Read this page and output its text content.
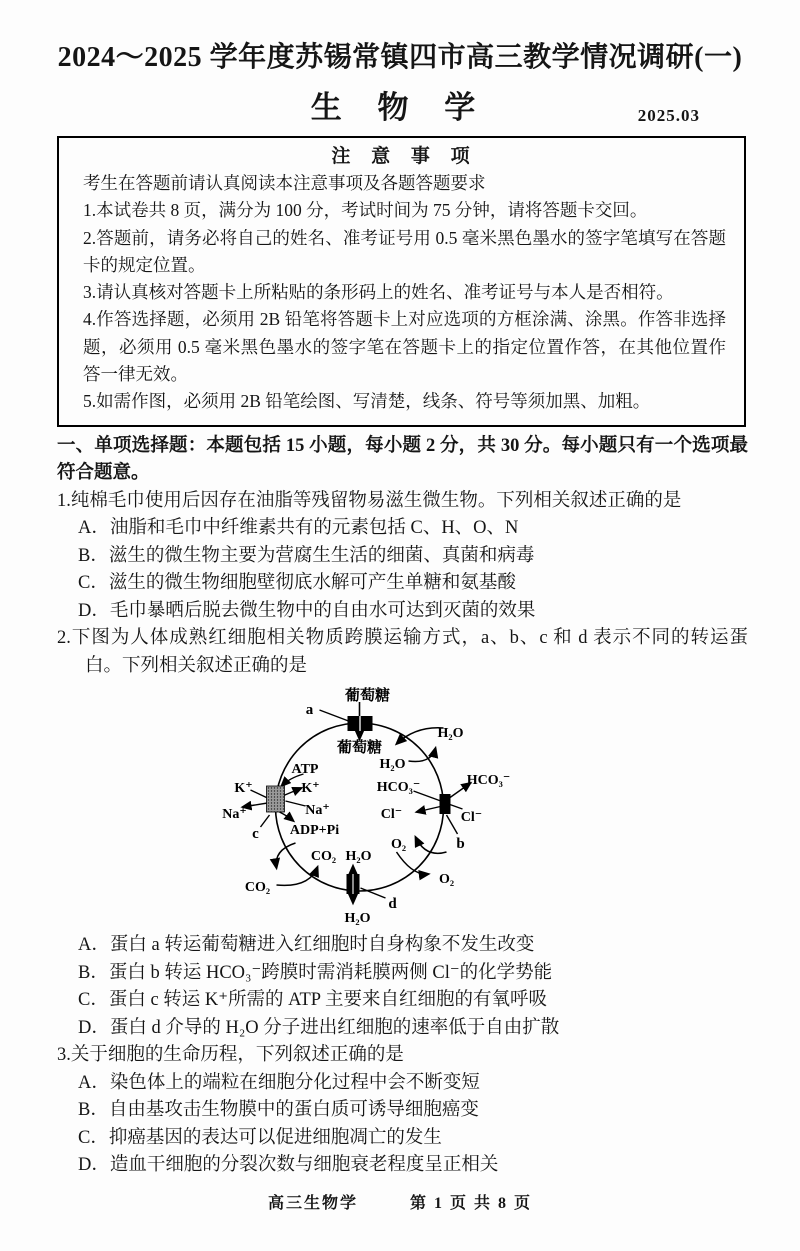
2024～2025 学年度苏锡常镇四市高三教学情况调研(一)
生 物 学	2025.03
注 意 事 项

考生在答题前请认真阅读本注意事项及各题答题要求

1.本试卷共 8 页，满分为 100 分，考试时间为 75 分钟，请将答题卡交回。

2.答题前，请务必将自己的姓名、准考证号用 0.5 毫米黑色墨水的签字笔填写在答题卡的规定位置。

3.请认真核对答题卡上所粘贴的条形码上的姓名、准考证号与本人是否相符。

4.作答选择题，必须用 2B 铅笔将答题卡上对应选项的方框涂满、涂黑。作答非选择题，必须用 0.5 毫米黑色墨水的签字笔在答题卡上的指定位置作答，在其他位置作答一律无效。

5.如需作图，必须用 2B 铅笔绘图、写清楚，线条、符号等须加黑、加粗。

一、单项选择题：本题包括 15 小题，每小题 2 分，共 30 分。每小题只有一个选项最符合题意。

1.纯棉毛巾使用后因存在油脂等残留物易滋生微生物。下列相关叙述正确的是

A．油脂和毛巾中纤维素共有的元素包括 C、H、O、N

B．滋生的微生物主要为营腐生生活的细菌、真菌和病毒

C．滋生的微生物细胞壁彻底水解可产生单糖和氨基酸

D．毛巾暴晒后脱去微生物中的自由水可达到灭菌的效果

2.下图为人体成熟红细胞相关物质跨膜运输方式，a、b、c 和 d 表示不同的转运蛋白。下列相关叙述正确的是

葡萄糖
a
葡萄糖
H₂O
H₂O
ATP
K⁺	K⁺
Na⁺	Na⁺
ADP+Pi
c
HCO₃⁻	HCO₃⁻
Cl⁻	Cl⁻
b
O₂
O₂
CO₂
CO₂
H₂O
H₂O
d

A．蛋白 a 转运葡萄糖进入红细胞时自身构象不发生改变

B．蛋白 b 转运 HCO₃⁻跨膜时需消耗膜两侧 Cl⁻的化学势能

C．蛋白 c 转运 K⁺所需的 ATP 主要来自红细胞的有氧呼吸

D．蛋白 d 介导的 H₂O 分子进出红细胞的速率低于自由扩散

3.关于细胞的生命历程，下列叙述正确的是

A．染色体上的端粒在细胞分化过程中会不断变短

B．自由基攻击生物膜中的蛋白质可诱导细胞癌变

C．抑癌基因的表达可以促进细胞凋亡的发生

D．造血干细胞的分裂次数与细胞衰老程度呈正相关

高三生物学	第 1 页 共 8 页
